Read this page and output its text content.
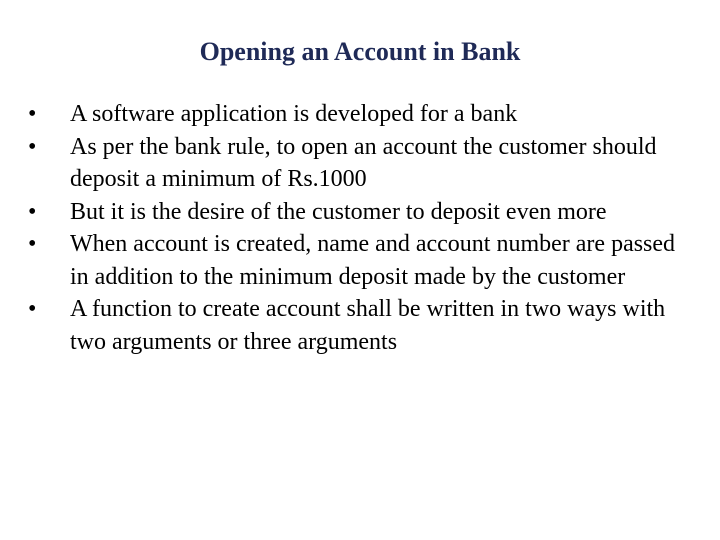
Opening an Account in Bank
•	A software application is developed for a bank
•	As per the bank rule, to open an account the customer should deposit a minimum of Rs.1000
•	But it is the desire of the customer to deposit even more
•	When account is created, name and account number are passed in addition to the minimum deposit made by the customer
•	A function to create account shall be written in two ways with two arguments or three arguments
